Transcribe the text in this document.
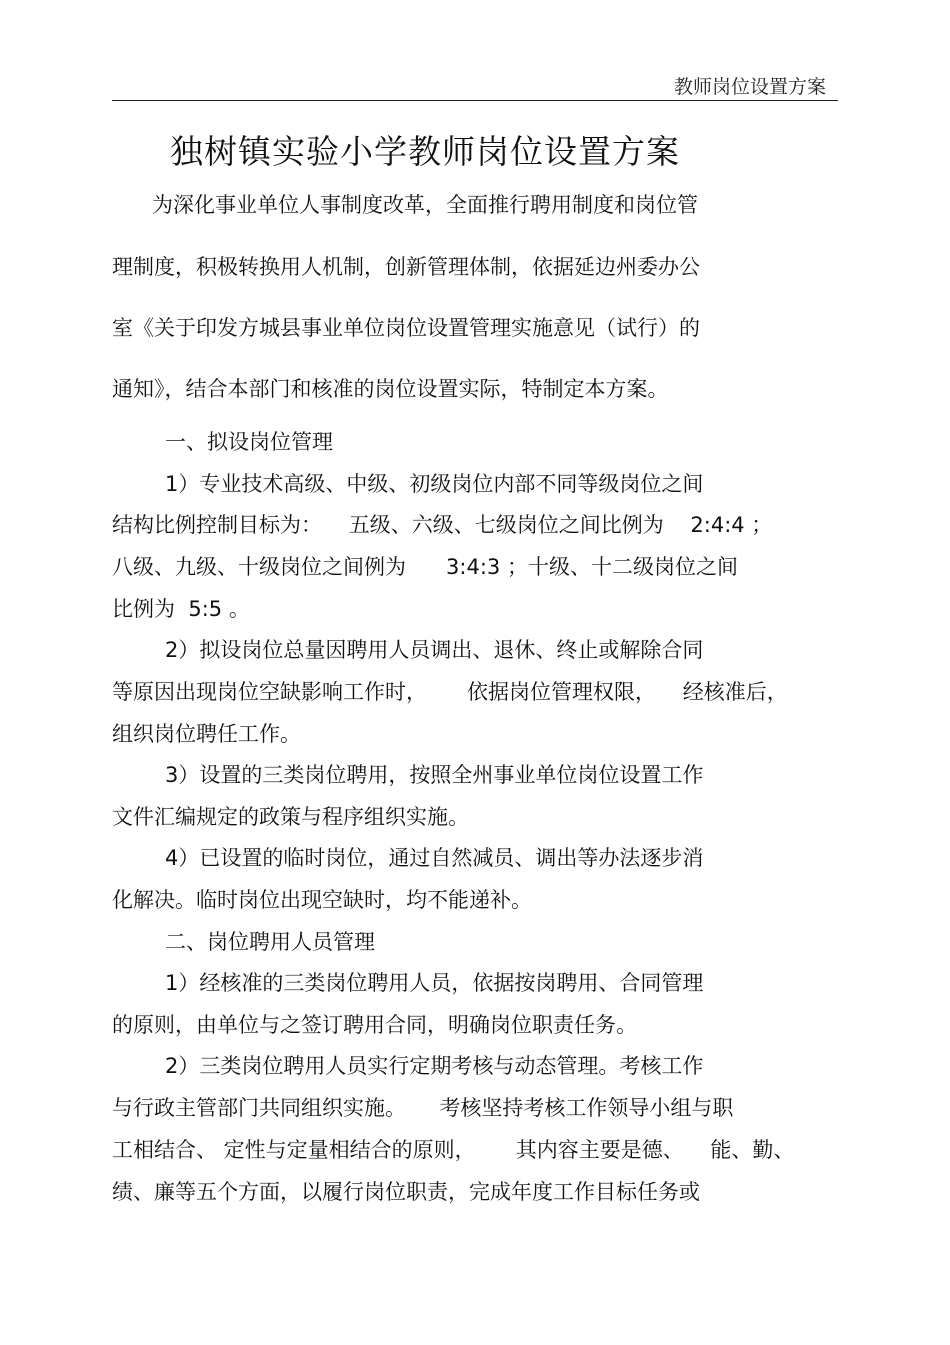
教师岗位设置方案
独树镇实验小学教师岗位设置方案
为深化事业单位人事制度改革，全面推行聘用制度和岗位管
理制度，积极转换用人机制，创新管理体制，依据延边州委办公
室《关于印发方城县事业单位岗位设置管理实施意见（试行）的
通知》，结合本部门和核准的岗位设置实际，特制定本方案。
一、拟设岗位管理
1）专业技术高级、中级、初级岗位内部不同等级岗位之间
结构比例控制目标为：    五级、六级、七级岗位之间比例为    2:4:4 ；
八级、九级、十级岗位之间例为      3:4:3 ；十级、十二级岗位之间
比例为  5:5 。
2）拟设岗位总量因聘用人员调出、退休、终止或解除合同
等原因出现岗位空缺影响工作时，      依据岗位管理权限，    经核准后，
组织岗位聘任工作。
3）设置的三类岗位聘用，按照全州事业单位岗位设置工作
文件汇编规定的政策与程序组织实施。
4）已设置的临时岗位，通过自然减员、调出等办法逐步消
化解决。临时岗位出现空缺时，均不能递补。
二、岗位聘用人员管理
1）经核准的三类岗位聘用人员，依据按岗聘用、合同管理
的原则，由单位与之签订聘用合同，明确岗位职责任务。
2）三类岗位聘用人员实行定期考核与动态管理。考核工作
与行政主管部门共同组织实施。     考核坚持考核工作领导小组与职
工相结合、 定性与定量相结合的原则，      其内容主要是德、    能、勤、
绩、廉等五个方面，以履行岗位职责，完成年度工作目标任务或
